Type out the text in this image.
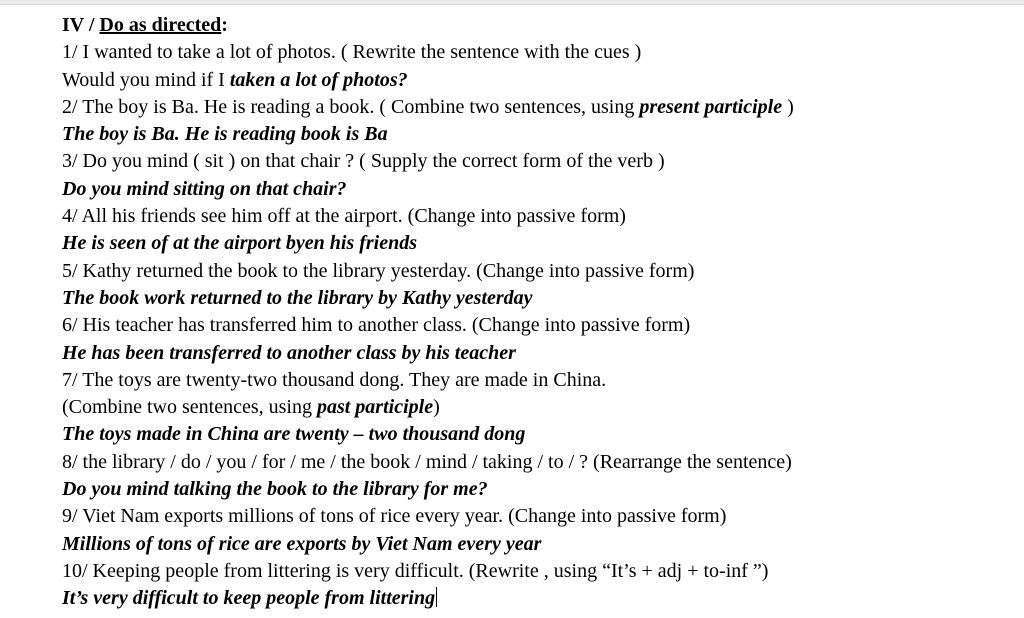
IV / Do as directed:
1/ I wanted to take a lot of photos. ( Rewrite the sentence with the cues )
Would you mind if I taken a lot of photos?
2/ The boy is Ba. He is reading a book. ( Combine two sentences, using present participle )
The boy is Ba. He is reading book is Ba
3/ Do you mind ( sit ) on that chair ? ( Supply the correct form of the verb )
Do you mind sitting on that chair?
4/ All his friends see him off at the airport. (Change into passive form)
He is seen of at the airport byen his friends
5/ Kathy returned the book to the library yesterday. (Change into passive form)
The book work returned to the library by Kathy yesterday
6/ His teacher has transferred him to another class. (Change into passive form)
He has been transferred to another class by his teacher
7/ The toys are twenty-two thousand dong. They are made in China.
(Combine two sentences, using past participle)
The toys made in China are twenty – two thousand dong
8/ the library / do / you / for / me / the book / mind / taking / to / ? (Rearrange the sentence)
Do you mind talking the book to the library for me?
9/ Viet Nam exports millions of tons of rice every year. (Change into passive form)
Millions of tons of rice are exports by Viet Nam every year
10/ Keeping people from littering is very difficult. (Rewrite , using “It’s + adj + to-inf ”)
It’s very difficult to keep people from littering
